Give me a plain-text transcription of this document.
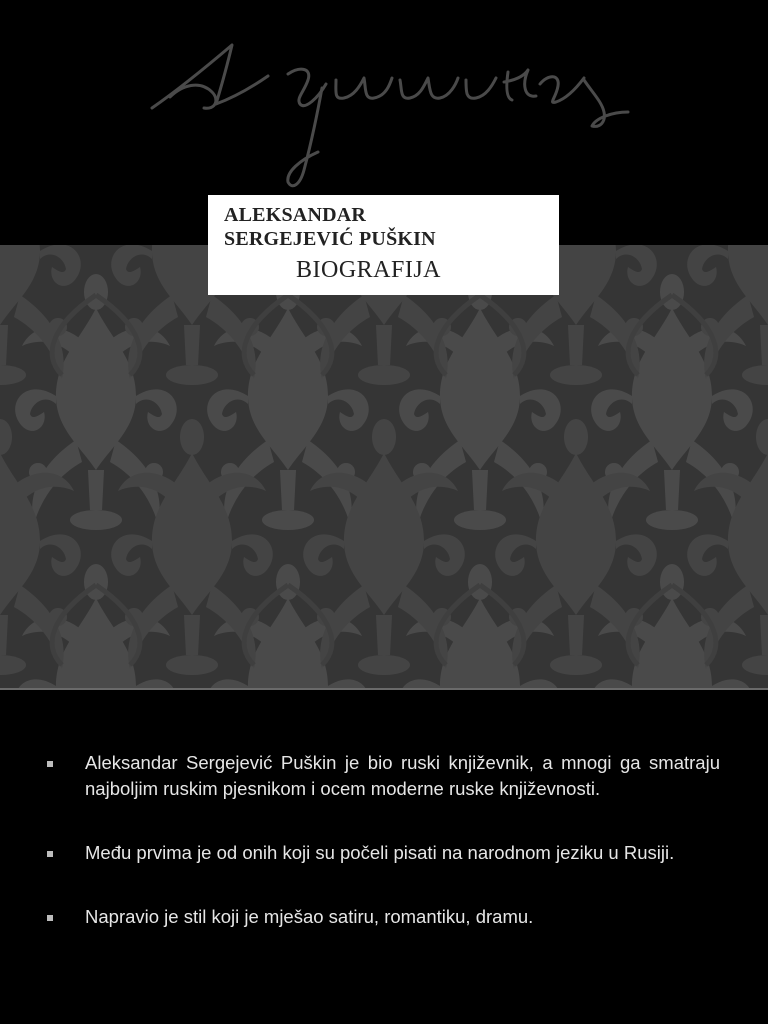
ALEKSANDAR
SERGEJEVIĆ PUŠKIN
BIOGRAFIJA
Aleksandar Sergejević Puškin je bio ruski književnik, a mnogi ga smatraju najboljim ruskim pjesnikom i ocem moderne ruske književnosti.
Među prvima je od onih koji su počeli pisati na narodnom jeziku u Rusiji.
Napravio je stil koji je mješao satiru, romantiku, dramu.
